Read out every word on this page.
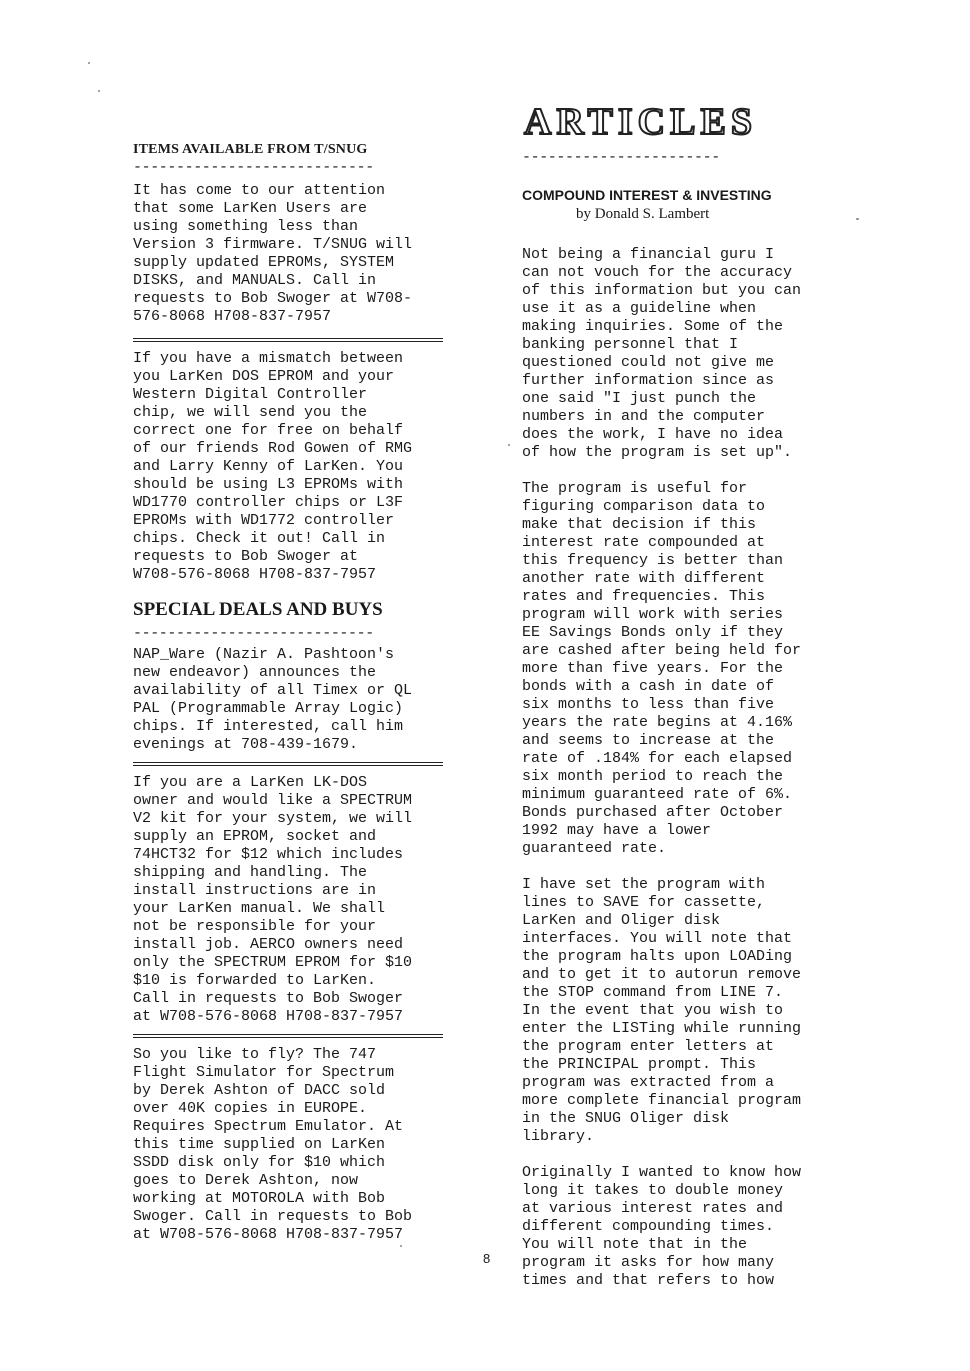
ITEMS AVAILABLE FROM T/SNUG

----------------------------

It has come to our attention
that some LarKen Users are
using something less than
Version 3 firmware. T/SNUG will
supply updated EPROMs, SYSTEM
DISKS, and MANUALS. Call in
requests to Bob Swoger at W708-
576-8068 H708-837-7957

If you have a mismatch between
you LarKen DOS EPROM and your
Western Digital Controller
chip, we will send you the
correct one for free on behalf
of our friends Rod Gowen of RMG
and Larry Kenny of LarKen. You
should be using L3 EPROMs with
WD1770 controller chips or L3F
EPROMs with WD1772 controller
chips. Check it out! Call in
requests to Bob Swoger at
W708-576-8068 H708-837-7957

SPECIAL DEALS AND BUYS

----------------------------

NAP_Ware (Nazir A. Pashtoon's
new endeavor) announces the
availability of all Timex or QL
PAL (Programmable Array Logic)
chips. If interested, call him
evenings at 708-439-1679.

If you are a LarKen LK-DOS
owner and would like a SPECTRUM
V2 kit for your system, we will
supply an EPROM, socket and
74HCT32 for $12 which includes
shipping and handling. The
install instructions are in
your LarKen manual. We shall
not be responsible for your
install job. AERCO owners need
only the SPECTRUM EPROM for $10
$10 is forwarded to LarKen.
Call in requests to Bob Swoger
at W708-576-8068 H708-837-7957

So you like to fly? The 747
Flight Simulator for Spectrum
by Derek Ashton of DACC sold
over 40K copies in EUROPE.
Requires Spectrum Emulator. At
this time supplied on LarKen
SSDD disk only for $10 which
goes to Derek Ashton, now
working at MOTOROLA with Bob
Swoger. Call in requests to Bob
at W708-576-8068 H708-837-7957

ARTICLES

-----------------------

COMPOUND INTEREST & INVESTING

by Donald S. Lambert

Not being a financial guru I
can not vouch for the accuracy
of this information but you can
use it as a guideline when
making inquiries. Some of the
banking personnel that I
questioned could not give me
further information since as
one said "I just punch the
numbers in and the computer
does the work, I have no idea
of how the program is set up".

The program is useful for
figuring comparison data to
make that decision if this
interest rate compounded at
this frequency is better than
another rate with different
rates and frequencies. This
program will work with series
EE Savings Bonds only if they
are cashed after being held for
more than five years. For the
bonds with a cash in date of
six months to less than five
years the rate begins at 4.16%
and seems to increase at the
rate of .184% for each elapsed
six month period to reach the
minimum guaranteed rate of 6%.
Bonds purchased after October
1992 may have a lower
guaranteed rate.

I have set the program with
lines to SAVE for cassette,
LarKen and Oliger disk
interfaces. You will note that
the program halts upon LOADing
and to get it to autorun remove
the STOP command from LINE 7.
In the event that you wish to
enter the LISTing while running
the program enter letters at
the PRINCIPAL prompt. This
program was extracted from a
more complete financial program
in the SNUG Oliger disk
library.

Originally I wanted to know how
long it takes to double money
at various interest rates and
different compounding times.
You will note that in the
program it asks for how many
times and that refers to how

8
